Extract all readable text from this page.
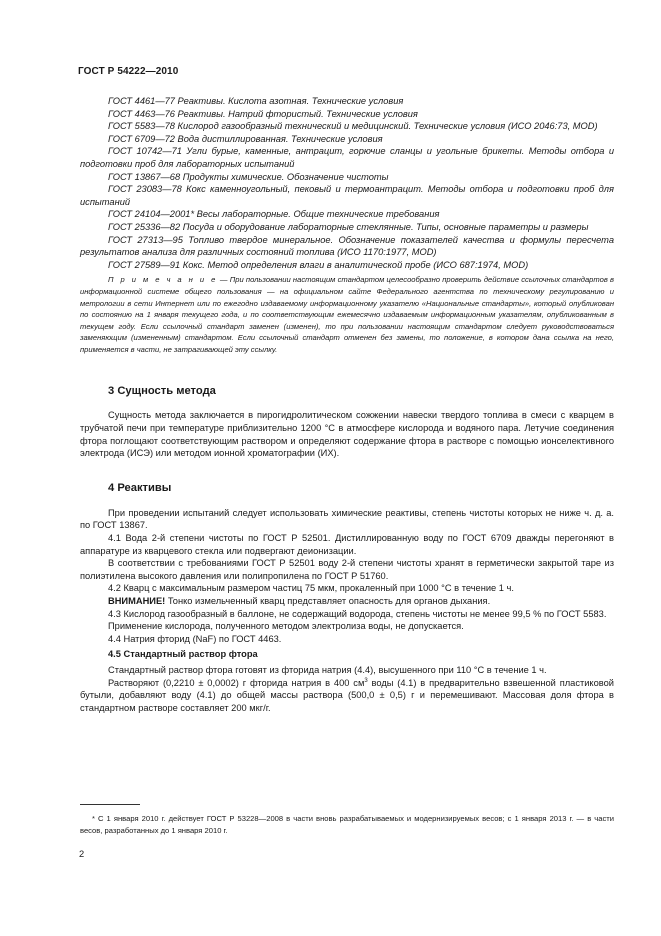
ГОСТ Р 54222—2010

ГОСТ 4461—77 Реактивы. Кислота азотная. Технические условия

ГОСТ 4463—76 Реактивы. Натрий фтористый. Технические условия

ГОСТ 5583—78 Кислород газообразный технический и медицинский. Технические условия (ИСО 2046:73, MOD)

ГОСТ 6709—72 Вода дистиллированная. Технические условия

ГОСТ 10742—71 Угли бурые, каменные, антрацит, горючие сланцы и угольные брикеты. Методы отбора и подготовки проб для лабораторных испытаний

ГОСТ 13867—68 Продукты химические. Обозначение чистоты

ГОСТ 23083—78 Кокс каменноугольный, пековый и термоантрацит. Методы отбора и подготовки проб для испытаний

ГОСТ 24104—2001* Весы лабораторные. Общие технические требования

ГОСТ 25336—82 Посуда и оборудование лабораторные стеклянные. Типы, основные параметры и размеры

ГОСТ 27313—95 Топливо твердое минеральное. Обозначение показателей качества и формулы пересчета результатов анализа для различных состояний топлива (ИСО 1170:1977, MOD)

ГОСТ 27589—91 Кокс. Метод определения влаги в аналитической пробе (ИСО 687:1974, MOD)

П р и м е ч а н и е — При пользовании настоящим стандартом целесообразно проверить действие ссылочных стандартов в информационной системе общего пользования — на официальном сайте Федерального агентства по техническому регулированию и метрологии в сети Интернет или по ежегодно издаваемому информационному указателю «Национальные стандарты», который опубликован по состоянию на 1 января текущего года, и по соответствующим ежемесячно издаваемым информационным указателям, опубликованным в текущем году. Если ссылочный стандарт заменен (изменен), то при пользовании настоящим стандартом следует руководствоваться заменяющим (измененным) стандартом. Если ссылочный стандарт отменен без замены, то положение, в котором дана ссылка на него, применяется в части, не затрагивающей эту ссылку.

3 Сущность метода

Сущность метода заключается в пирогидролитическом сожжении навески твердого топлива в смеси с кварцем в трубчатой печи при температуре приблизительно 1200 °С в атмосфере кислорода и водяного пара. Летучие соединения фтора поглощают соответствующим раствором и определяют содержание фтора в растворе с помощью ионселективного электрода (ИСЭ) или методом ионной хроматографии (ИХ).

4 Реактивы

При проведении испытаний следует использовать химические реактивы, степень чистоты которых не ниже ч. д. а. по ГОСТ 13867.

4.1 Вода 2-й степени чистоты по ГОСТ Р 52501. Дистиллированную воду по ГОСТ 6709 дважды перегоняют в аппаратуре из кварцевого стекла или подвергают деионизации.

В соответствии с требованиями ГОСТ Р 52501 воду 2-й степени чистоты хранят в герметически закрытой таре из полиэтилена высокого давления или полипропилена по ГОСТ Р 51760.

4.2 Кварц с максимальным размером частиц 75 мкм, прокаленный при 1000 °С в течение 1 ч.

ВНИМАНИЕ! Тонко измельченный кварц представляет опасность для органов дыхания.

4.3 Кислород газообразный в баллоне, не содержащий водорода, степень чистоты не менее 99,5 % по ГОСТ 5583.

Применение кислорода, полученного методом электролиза воды, не допускается.

4.4 Натрия фторид (NaF) по ГОСТ 4463.

4.5 Стандартный раствор фтора

Стандартный раствор фтора готовят из фторида натрия (4.4), высушенного при 110 °С в течение 1 ч.

Растворяют (0,2210 ± 0,0002) г фторида натрия в 400 $см^3$ воды (4.1) в предварительно взвешенной пластиковой бутыли, добавляют воду (4.1) до общей массы раствора (500,0 ± 0,5) г и перемешивают. Массовая доля фтора в стандартном растворе составляет 200 мкг/г.

* С 1 января 2010 г. действует ГОСТ Р 53228—2008 в части вновь разрабатываемых и модернизируемых весов; с 1 января 2013 г. — в части весов, разработанных до 1 января 2010 г.

2
